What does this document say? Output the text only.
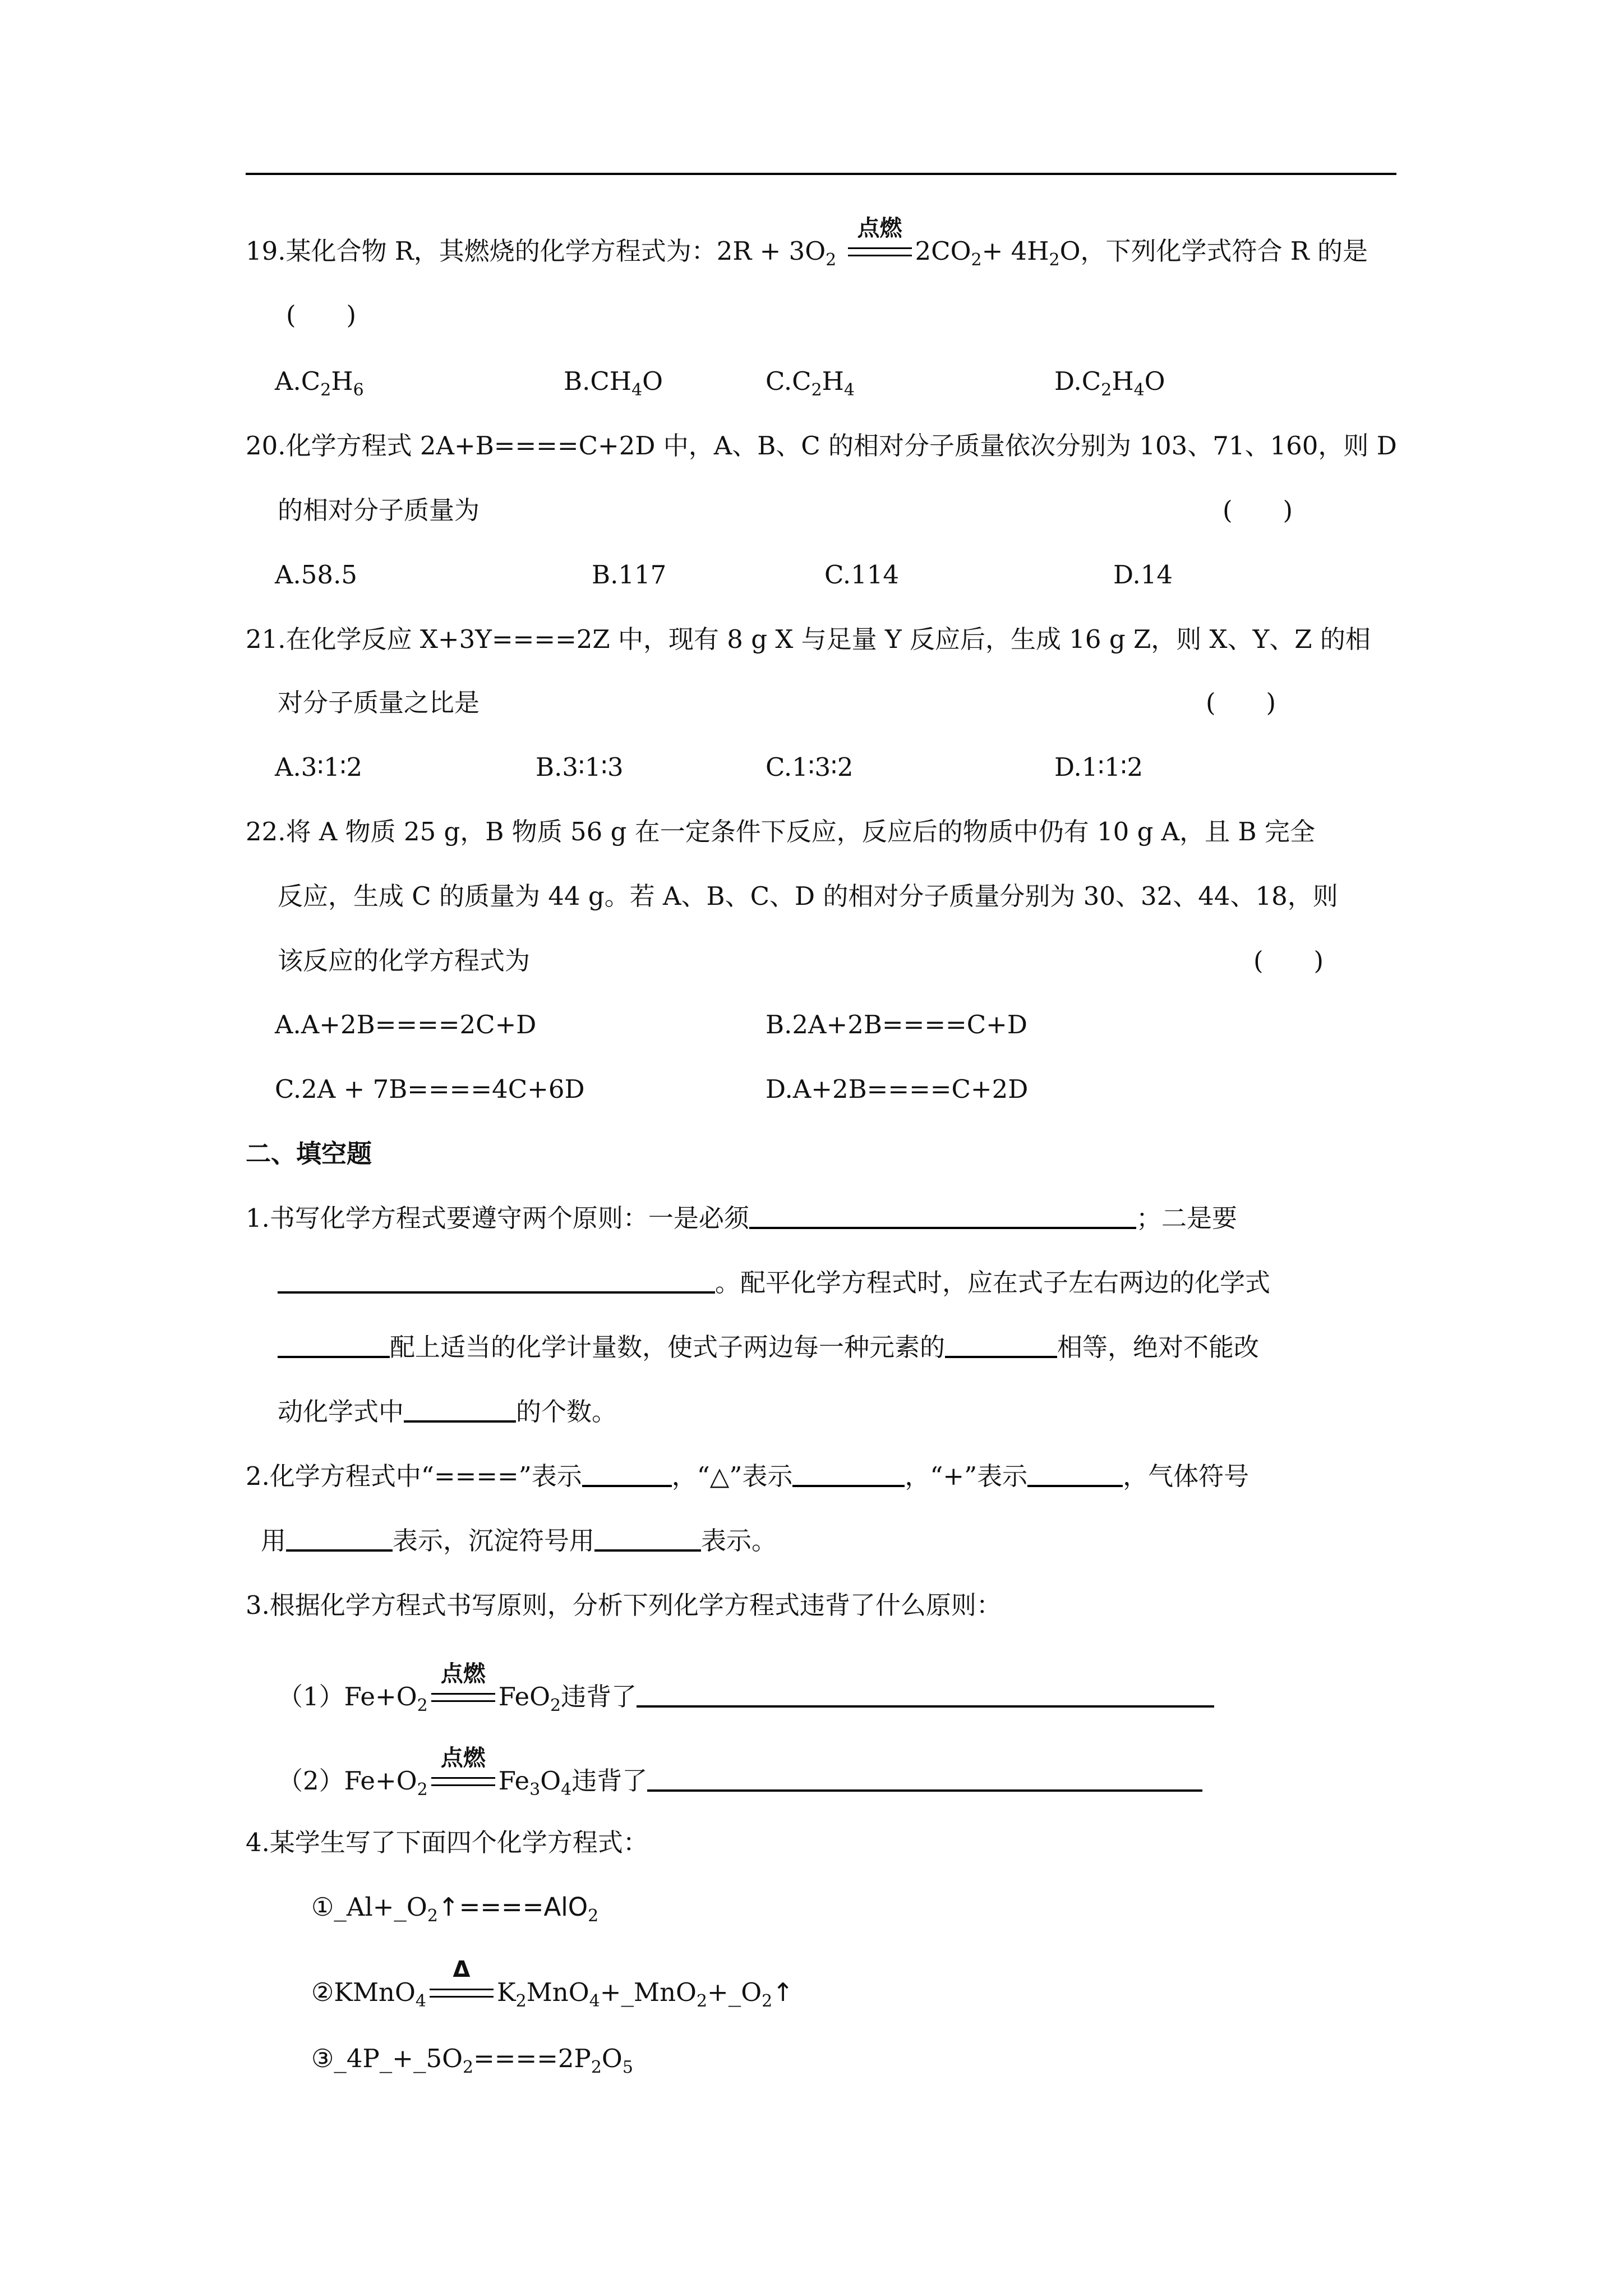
19.某化合物 R，其燃烧的化学方程式为：$2R + 3O_2$
点燃
$2CO_2+ 4H_2O$，下列化学式符合 R 的是
(　　)
$A.C_2H_6$	$B.CH_4O$	$C.C_2H_4$	$D.C_2H_4O$
20.化学方程式 2A+B====C+2D 中，A、B、C 的相对分子质量依次分别为 103、71、160，则 D
的相对分子质量为	(　　)
A.58.5	B.117	C.114	D.14
21.在化学反应 X+3Y====2Z 中，现有 8 g X 与足量 Y 反应后，生成 16 g Z，则 X、Y、Z 的相
对分子质量之比是	(　　)
A.3∶1∶2	B.3∶1∶3	C.1∶3∶2	D.1∶1∶2
22.将 A 物质 25 g，B 物质 56 g 在一定条件下反应，反应后的物质中仍有 10 g A，且 B 完全
反应，生成 C 的质量为 44 g。若 A、B、C、D 的相对分子质量分别为 30、32、44、18，则
该反应的化学方程式为	(　　)
A.A+2B====2C+D	B.2A+2B====C+D
C.2A + 7B====4C+6D	D.A+2B====C+2D
二、填空题
1.书写化学方程式要遵守两个原则：一是必须	；二是要
。配平化学方程式时，应在式子左右两边的化学式
配上适当的化学计量数，使式子两边每一种元素的	相等，绝对不能改
动化学式中	的个数。
2.化学方程式中“====”表示	，“△”表示	，“+”表示	，气体符号
用	表示，沉淀符号用	表示。
3.根据化学方程式书写原则，分析下列化学方程式违背了什么原则：
$(1)Fe+O_2$
点燃
FeO$_2$违背了
$(2)Fe+O_2$
点燃
$Fe_3O_4$违背了
4.某学生写了下面四个化学方程式：
$①\_Al+\_O_2↑====AlO_2$
②KMnO$_4$
Δ
$K_2MnO_4+\_MnO_2+\_O_2↑$
$③\_4P\_+\_5O_2====2P_2O_5$
